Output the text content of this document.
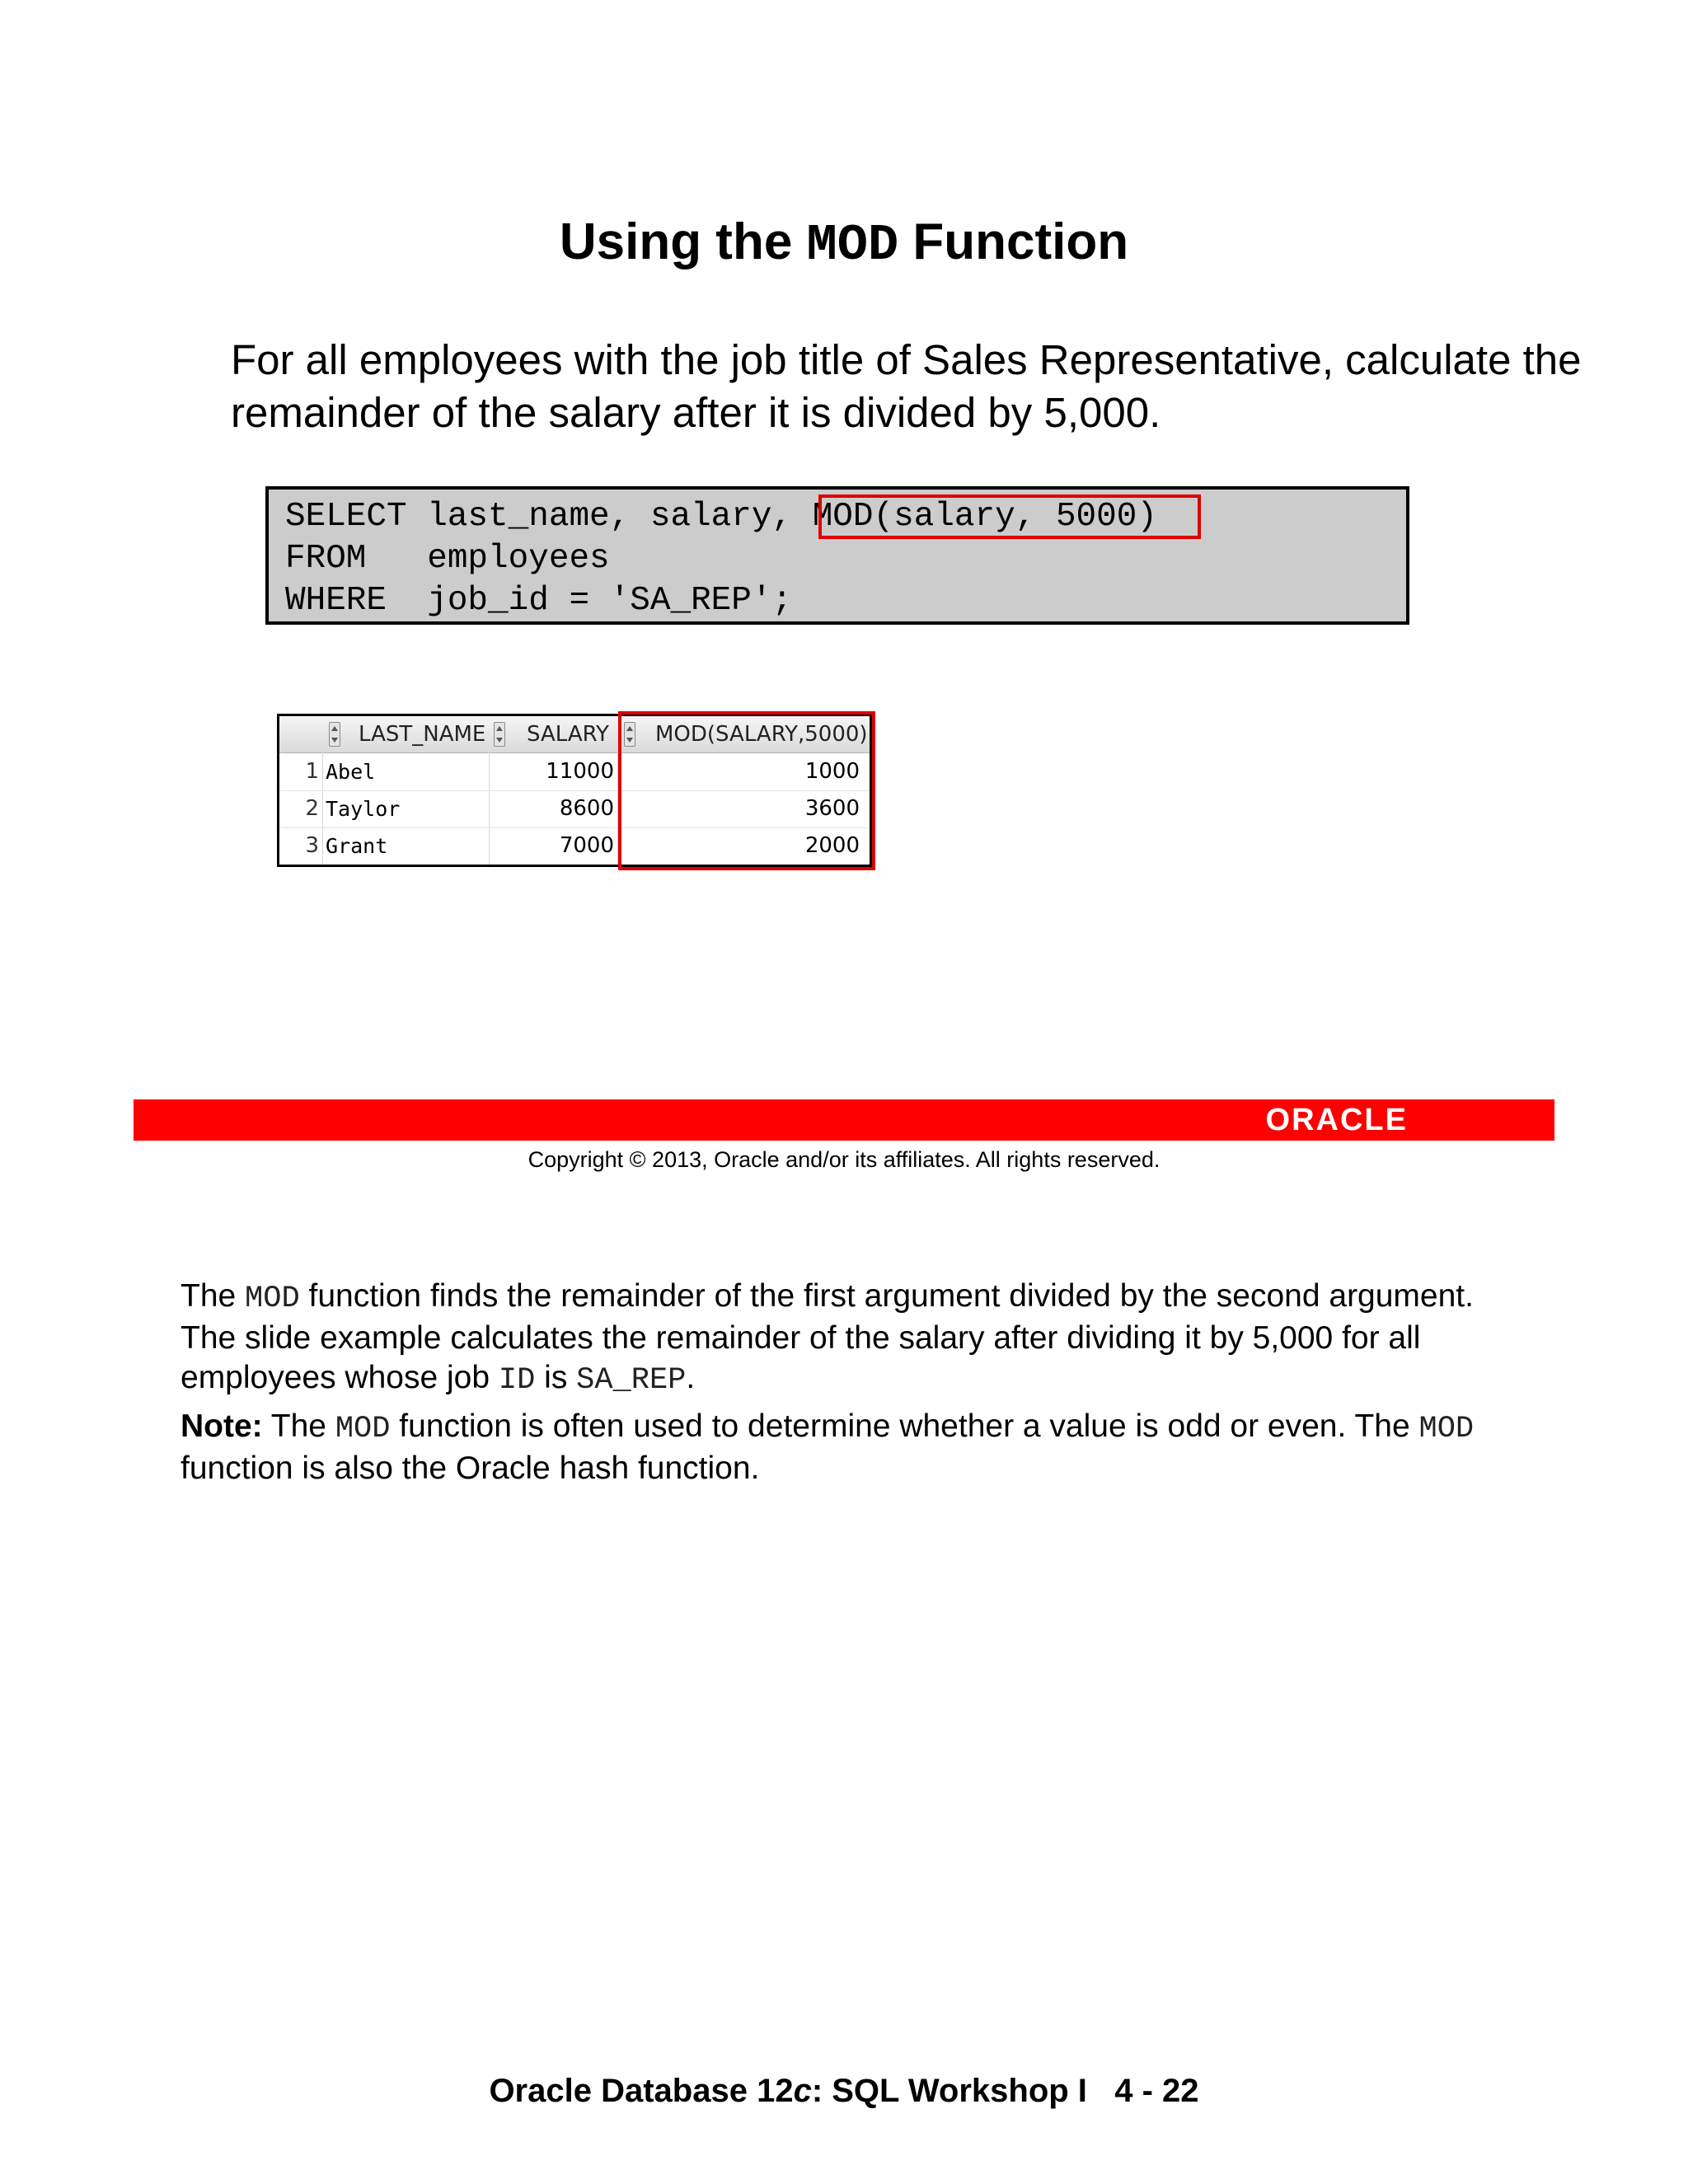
Using the MOD Function
For all employees with the job title of Sales Representative, calculate the remainder of the salary after it is divided by 5,000.
SELECT last_name, salary, MOD(salary, 5000)
FROM   employees
WHERE  job_id = 'SA_REP';
LAST_NAME SALARY MOD(SALARY,5000)
1 Abel	11000	1000
2 Taylor	8600	3600
3 Grant	7000	2000
ORACLE
Copyright © 2013, Oracle and/or its affiliates. All rights reserved.

The MOD function finds the remainder of the first argument divided by the second argument. The slide example calculates the remainder of the salary after dividing it by 5,000 for all employees whose job ID is SA_REP.

Note: The MOD function is often used to determine whether a value is odd or even. The MOD function is also the Oracle hash function.

Oracle Database 12c: SQL Workshop I   4 - 22
